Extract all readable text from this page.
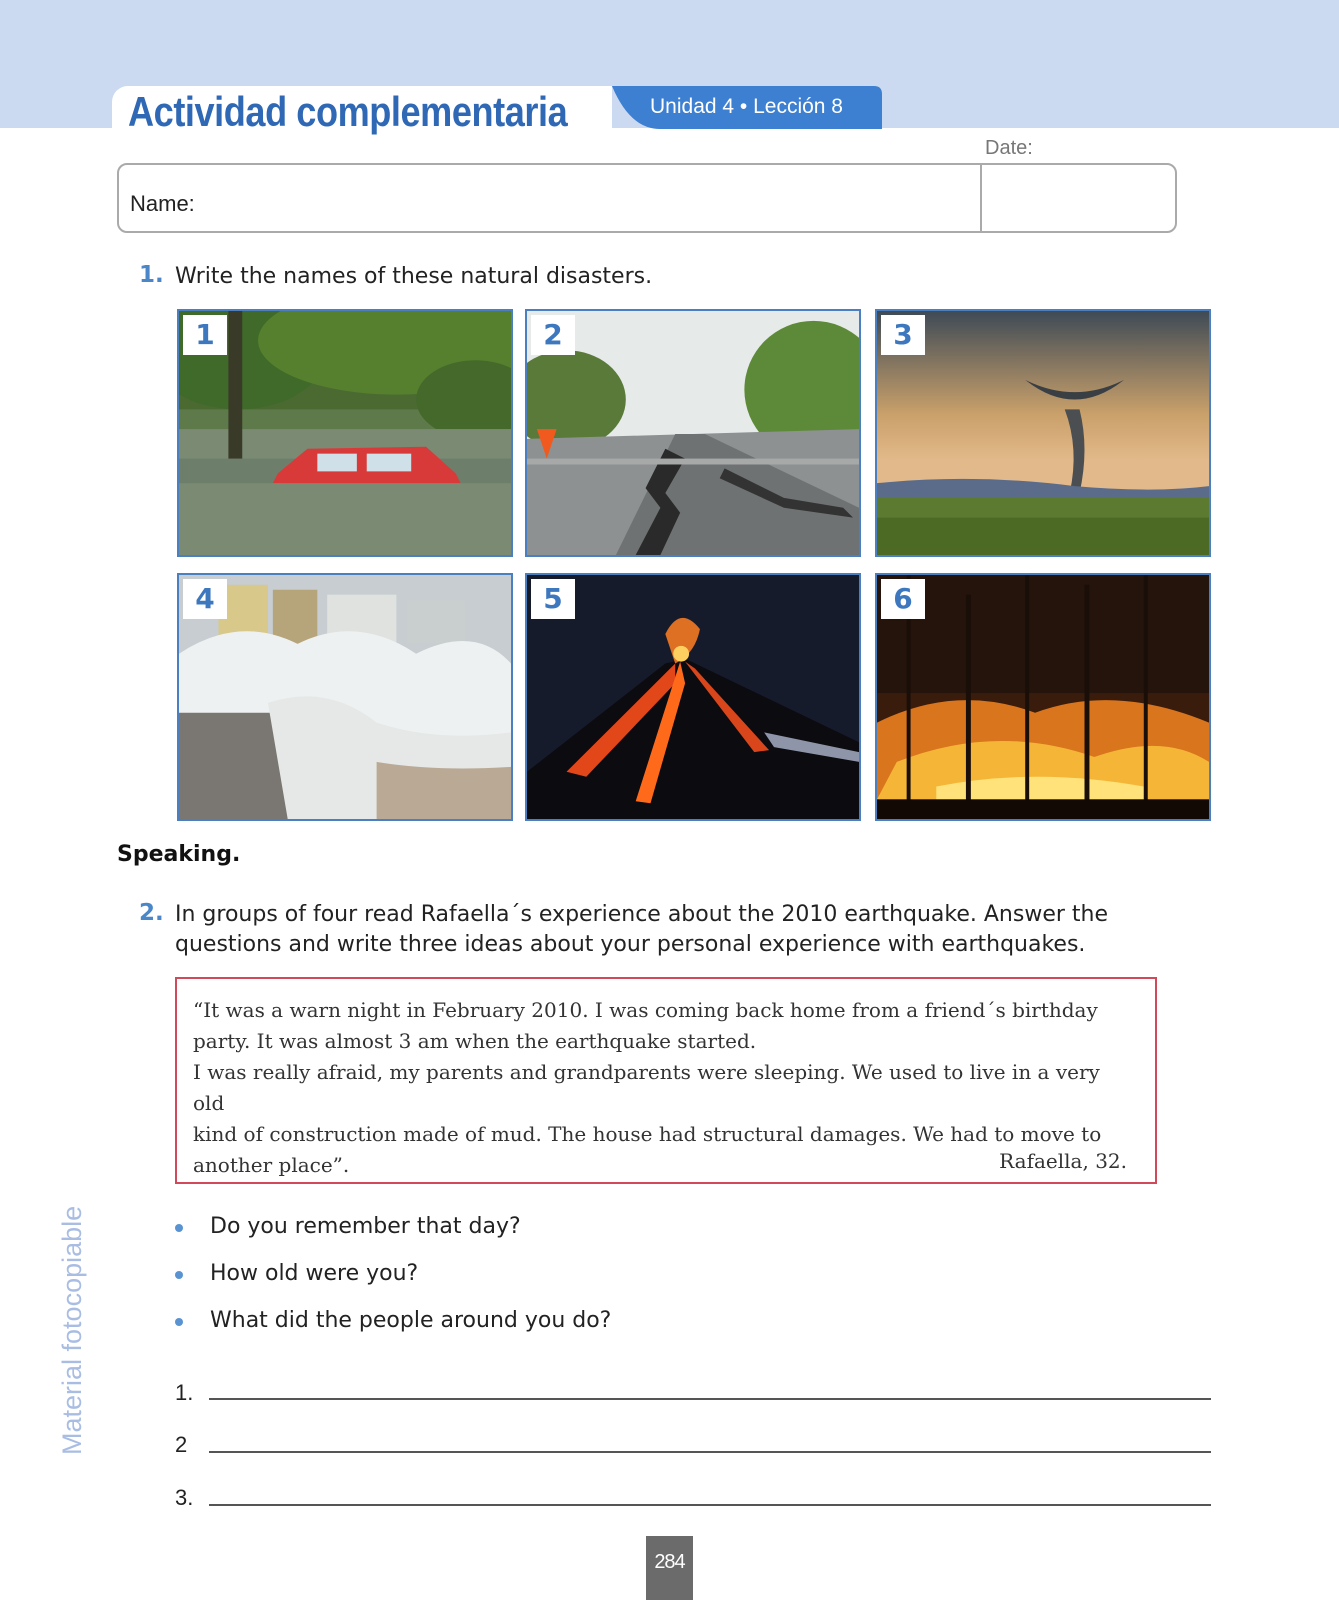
Actividad complementaria	Unidad 4 • Lección 8
Date:
Name:
1. Write the names of these natural disasters.
1	2	3
4	5	6
Speaking.
2. In groups of four read Rafaella´s experience about the 2010 earthquake. Answer the
questions and write three ideas about your personal experience with earthquakes.
“It was a warn night in February 2010. I was coming back home from a friend´s birthday
party. It was almost 3 am when the earthquake started.
I was really afraid, my parents and grandparents were sleeping. We used to live in a very old
kind of construction made of mud. The house had structural damages. We had to move to
another place”.	Rafaella, 32.
Do you remember that day?
How old were you?
What did the people around you do?
1.
2
3.
Material fotocopiable
284
